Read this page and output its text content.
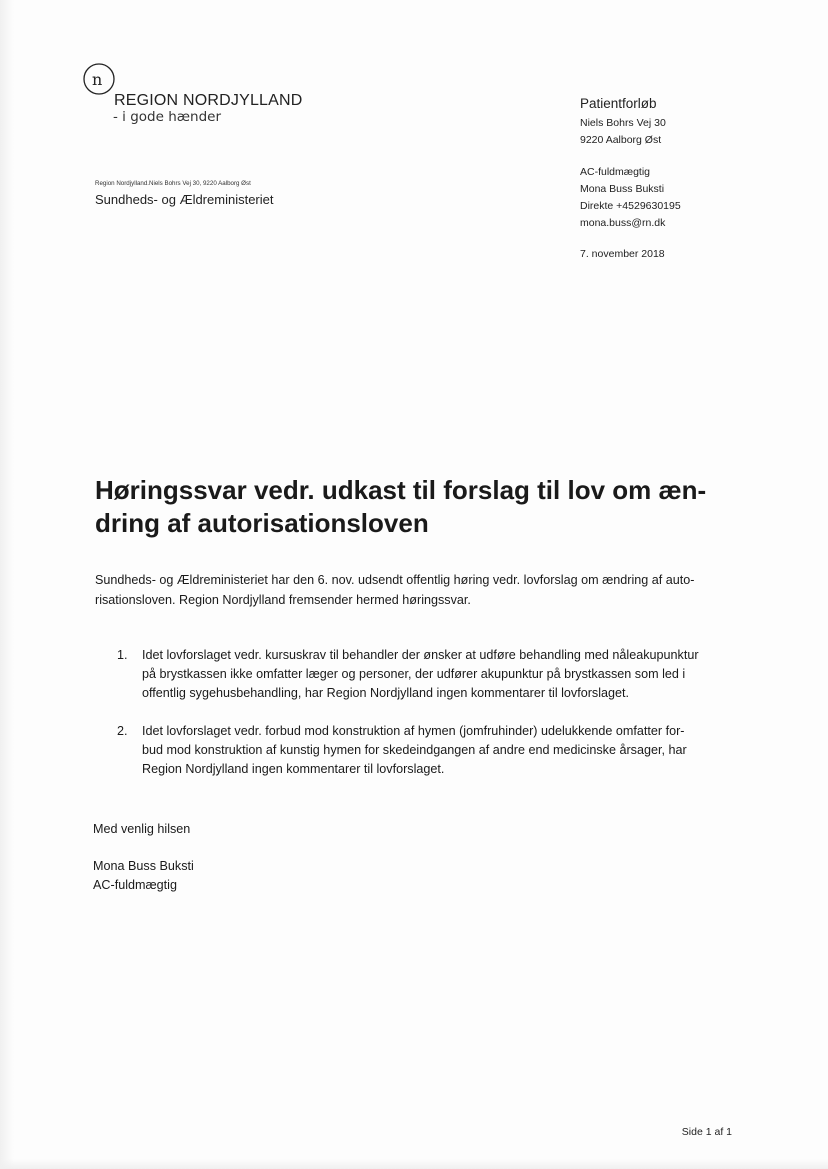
n
REGION NORDJYLLAND
- i gode hænder
Region Nordjylland.Niels Bohrs Vej 30, 9220 Aalborg Øst
Sundheds- og Ældreministeriet
Patientforløb
Niels Bohrs Vej 30
9220 Aalborg Øst
AC-fuldmægtig
Mona Buss Buksti
Direkte +4529630195
mona.buss@rn.dk
7. november 2018
Høringssvar vedr. udkast til forslag til lov om æn-
dring af autorisationsloven

Sundheds- og Ældreministeriet har den 6. nov. udsendt offentlig høring vedr. lovforslag om ændring af auto-
risationsloven. Region Nordjylland fremsender hermed høringssvar.

1. Idet lovforslaget vedr. kursuskrav til behandler der ønsker at udføre behandling med nåleakupunktur
på brystkassen ikke omfatter læger og personer, der udfører akupunktur på brystkassen som led i
offentlig sygehusbehandling, har Region Nordjylland ingen kommentarer til lovforslaget.
2. Idet lovforslaget vedr. forbud mod konstruktion af hymen (jomfruhinder) udelukkende omfatter for-
bud mod konstruktion af kunstig hymen for skedeindgangen af andre end medicinske årsager, har
Region Nordjylland ingen kommentarer til lovforslaget.
Med venlig hilsen
Mona Buss Buksti
AC-fuldmægtig
Side 1 af 1
